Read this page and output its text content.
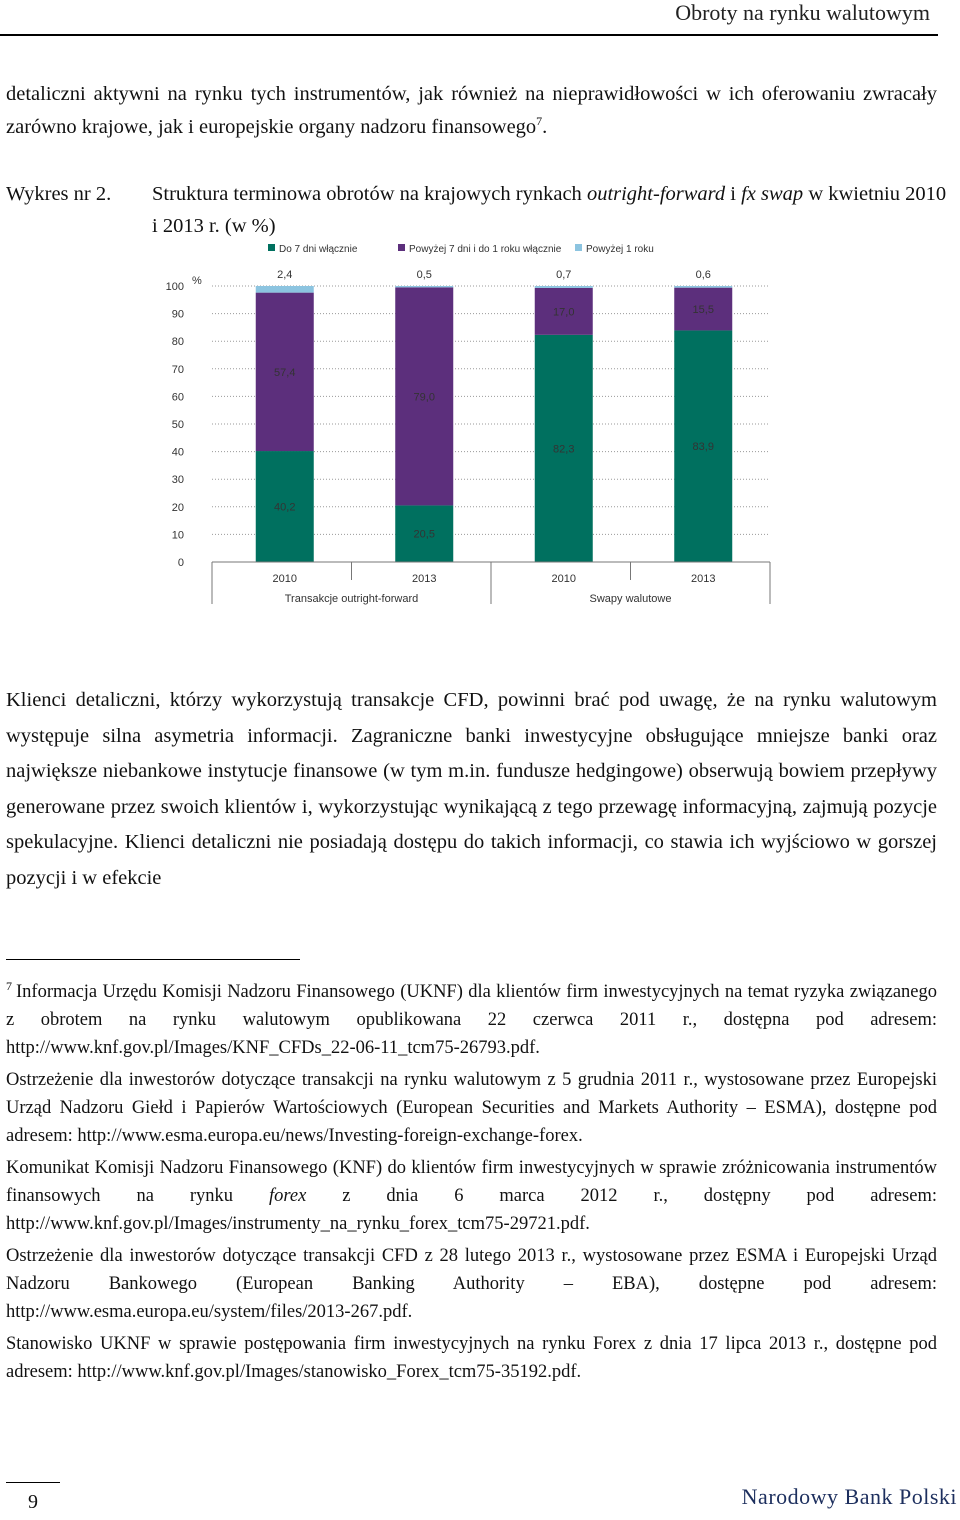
Obroty na rynku walutowym

detaliczni aktywni na rynku tych instrumentów, jak również na nieprawidłowości w ich oferowaniu zwracały zarówno krajowe, jak i europejskie organy nadzoru finansowego$^7$.

Wykres nr 2. Struktura terminowa obrotów na krajowych rynkach outright-forward i fx swap w kwietniu 2010 i 2013 r. (w %)
Do 7 dni włącznie	Powyżej 7 dni i do 1 roku włącznie Powyżej 1 roku
100
90
80
70
60
50
40
30
20
10
0
%
40,2
57,4
2,4
2010
20,5
79,0
0,5
2013
82,3
17,0
0,7
2010
83,9
15,5
0,6
2013
Transakcje outright-forward	Swapy walutowe

Klienci detaliczni, którzy wykorzystują transakcje CFD, powinni brać pod uwagę, że na rynku walutowym występuje silna asymetria informacji. Zagraniczne banki inwestycyjne obsługujące mniejsze banki oraz największe niebankowe instytucje finansowe (w tym m.in. fundusze hedgingowe) obserwują bowiem przepływy generowane przez swoich klientów i, wykorzystując wynikającą z tego przewagę informacyjną, zajmują pozycje spekulacyjne. Klienci detaliczni nie posiadają dostępu do takich informacji, co stawia ich wyjściowo w gorszej pozycji i w efekcie

$^7$ Informacja Urzędu Komisji Nadzoru Finansowego (UKNF) dla klientów firm inwestycyjnych na temat ryzyka związanego z obrotem na rynku walutowym opublikowana 22 czerwca 2011 r., dostępna pod adresem: http://www.knf.gov.pl/Images/KNF_CFDs_22-06-11_tcm75-26793.pdf.

Ostrzeżenie dla inwestorów dotyczące transakcji na rynku walutowym z 5 grudnia 2011 r., wystosowane przez Europejski Urząd Nadzoru Giełd i Papierów Wartościowych (European Securities and Markets Authority – ESMA), dostępne pod adresem: http://www.esma.europa.eu/news/Investing-foreign-exchange-forex.

Komunikat Komisji Nadzoru Finansowego (KNF) do klientów firm inwestycyjnych w sprawie zróżnicowania instrumentów finansowych na rynku forex z dnia 6 marca 2012 r., dostępny pod adresem: http://www.knf.gov.pl/Images/instrumenty_na_rynku_forex_tcm75-29721.pdf.

Ostrzeżenie dla inwestorów dotyczące transakcji CFD z 28 lutego 2013 r., wystosowane przez ESMA i Europejski Urząd Nadzoru Bankowego (European Banking Authority – EBA), dostępne pod adresem: http://www.esma.europa.eu/system/files/2013-267.pdf.

Stanowisko UKNF w sprawie postępowania firm inwestycyjnych na rynku Forex z dnia 17 lipca 2013 r., dostępne pod adresem: http://www.knf.gov.pl/Images/stanowisko_Forex_tcm75-35192.pdf.

9	Narodowy Bank Polski
